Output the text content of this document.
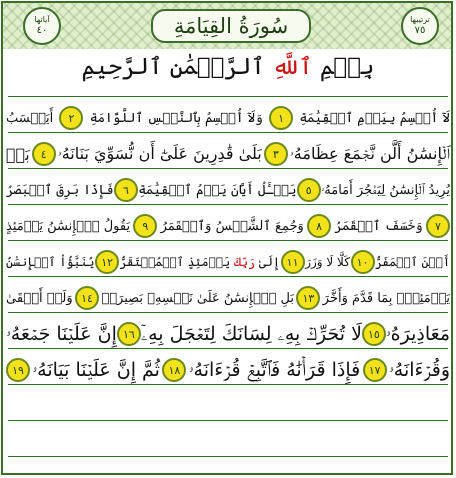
آياتها
٤٠	سُورَةُ القِيَامَةِ	ترتيبها
٧٥
بِسۡمِ ٱللَّهِ ٱلرَّحۡمَٰنِ ٱلرَّحِيمِ
لَآ أُقۡسِمُ بِيَوۡمِ ٱلۡقِيَٰمَةِ
١
وَلَآ أُقۡسِمُ بِٱلنَّفۡسِ ٱللَّوَّامَةِ
٢
أَيَحۡسَبُ
ٱلۡإِنسَٰنُ أَلَّن نَّجۡمَعَ عِظَامَهُۥ
٣
بَلَىٰ قَٰدِرِينَ عَلَىٰٓ أَن نُّسَوِّيَ بَنَانَهُۥ
٤
بَلۡ
يُرِيدُ ٱلۡإِنسَٰنُ لِيَفۡجُرَ أَمَامَهُۥ
٥
يَسۡـَٔلُ أَيَّانَ يَوۡمُ ٱلۡقِيَٰمَةِ
٦
فَإِذَا بَرِقَ ٱلۡبَصَرُ
٧
وَخَسَفَ ٱلۡقَمَرُ
٨
وَجُمِعَ ٱلشَّمۡسُ وَٱلۡقَمَرُ
٩
يَقُولُ ٱلۡإِنسَٰنُ يَوۡمَئِذٍ
أَيۡنَ ٱلۡمَفَرُّ
١٠
كَلَّا لَا وَزَرَ
١١
إِلَىٰ رَبِّكَ يَوۡمَئِذٍ ٱلۡمُسۡتَقَرُّ
١٢
يُنَبَّؤُاْ ٱلۡإِنسَٰنُ
يَوۡمَئِذِۭ بِمَا قَدَّمَ وَأَخَّرَ
١٣
بَلِ ٱلۡإِنسَٰنُ عَلَىٰ نَفۡسِهِۦ بَصِيرَةٞ
١٤
وَلَوۡ أَلۡقَىٰ
مَعَاذِيرَهُۥ
١٥
لَا تُحَرِّكۡ بِهِۦ لِسَانَكَ لِتَعۡجَلَ بِهِۦٓ
١٦
إِنَّ عَلَيۡنَا جَمۡعَهُۥ
وَقُرۡءَانَهُۥ
١٧
فَإِذَا قَرَأۡنَٰهُ فَٱتَّبِعۡ قُرۡءَانَهُۥ
١٨
ثُمَّ إِنَّ عَلَيۡنَا بَيَانَهُۥ
١٩
